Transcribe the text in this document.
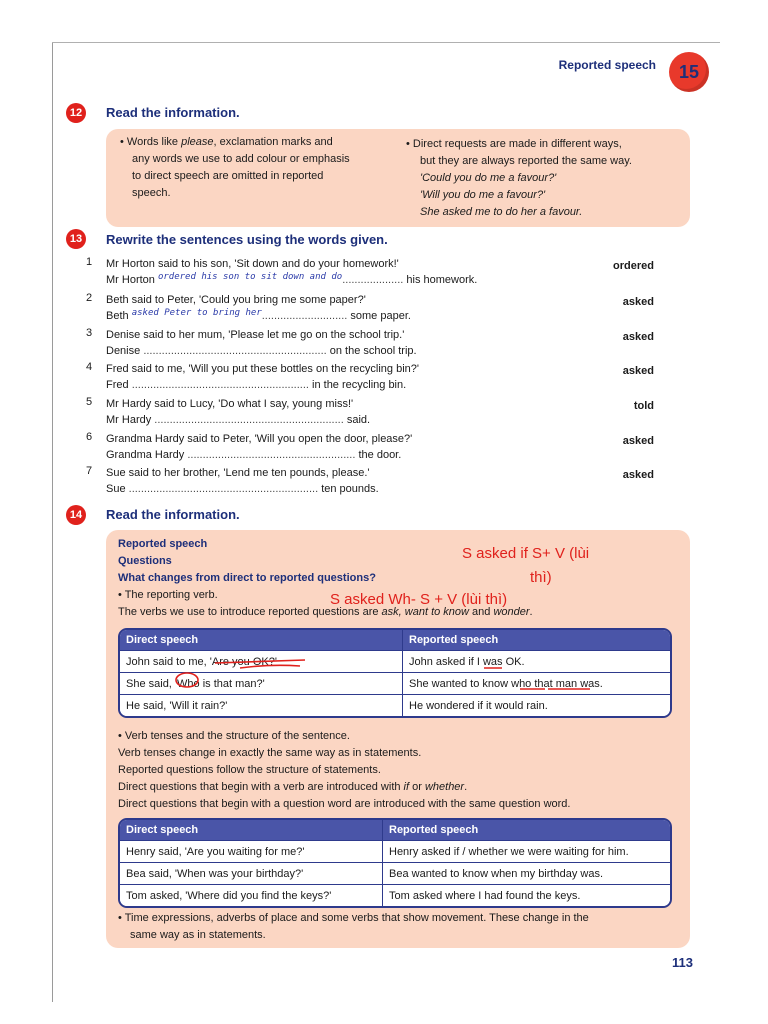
Reported speech	15
12 Read the information.
• Words like please, exclamation marks and
any words we use to add colour or emphasis
to direct speech are omitted in reported
speech.
• Direct requests are made in different ways,
but they are always reported the same way.
'Could you do me a favour?'
'Will you do me a favour?'
She asked me to do her a favour.
13 Rewrite the sentences using the words given.
1	Mr Horton said to his son, 'Sit down and do your homework!'
Mr Horton ordered his son to sit down and do.................... his homework.
ordered
2	Beth said to Peter, 'Could you bring me some paper?'
Beth asked Peter to bring her............................ some paper.
asked
3	Denise said to her mum, 'Please let me go on the school trip.'
Denise ............................................................ on the school trip.
asked
4	Fred said to me, 'Will you put these bottles on the recycling bin?'
Fred .......................................................... in the recycling bin.
asked
5	Mr Hardy said to Lucy, 'Do what I say, young miss!'
Mr Hardy .............................................................. said.
told
6	Grandma Hardy said to Peter, 'Will you open the door, please?'
Grandma Hardy ....................................................... the door.
asked
7	Sue said to her brother, 'Lend me ten pounds, please.'
Sue .............................................................. ten pounds.
asked
14 Read the information.
Reported speech
Questions
What changes from direct to reported questions?
• The reporting verb.
The verbs we use to introduce reported questions are ask, want to know and wonder.
Direct speech	Reported speech
John said to me, 'Are you OK?'	John asked if I was OK.
She said, 'Who is that man?'	She wanted to know who that man was.
He said, 'Will it rain?'	He wondered if it would rain.
• Verb tenses and the structure of the sentence.
Verb tenses change in exactly the same way as in statements.
Reported questions follow the structure of statements.
Direct questions that begin with a verb are introduced with if or whether.
Direct questions that begin with a question word are introduced with the same question word.
Direct speech	Reported speech
Henry said, 'Are you waiting for me?'	Henry asked if / whether we were waiting for him.
Bea said, 'When was your birthday?'	Bea wanted to know when my birthday was.
Tom asked, 'Where did you find the keys?'	Tom asked where I had found the keys.
• Time expressions, adverbs of place and some verbs that show movement. These change in the
same way as in statements.
S asked if S+ V (lùi
thì)
S asked Wh- S + V (lùi thì)
113
